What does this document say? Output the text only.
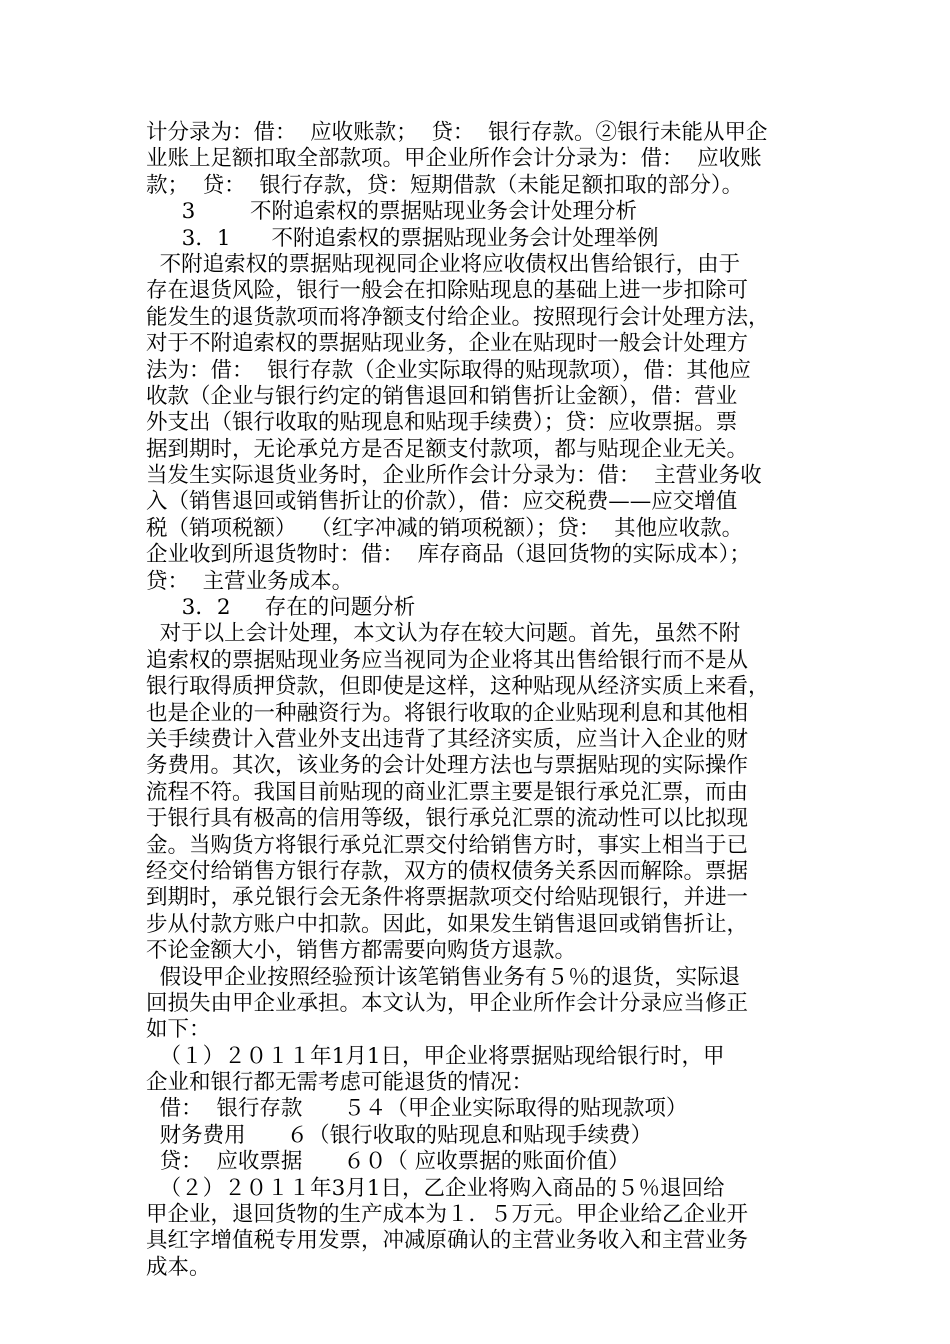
计分录为：借：  应收账款；  贷：  银行存款。②银行未能从甲企
业账上足额扣取全部款项。甲企业所作会计分录为：借：  应收账
款；  贷：  银行存款，贷：短期借款（未能足额扣取的部分）。
3        不附追索权的票据贴现业务会计处理分析
3．1      不附追索权的票据贴现业务会计处理举例
不附追索权的票据贴现视同企业将应收债权出售给银行，由于
存在退货风险，银行一般会在扣除贴现息的基础上进一步扣除可
能发生的退货款项而将净额支付给企业。按照现行会计处理方法，
对于不附追索权的票据贴现业务，企业在贴现时一般会计处理方
法为：借：  银行存款（企业实际取得的贴现款项），借：其他应
收款（企业与银行约定的销售退回和销售折让金额），借：营业
外支出（银行收取的贴现息和贴现手续费）；贷：应收票据。票
据到期时，无论承兑方是否足额支付款项，都与贴现企业无关。
当发生实际退货业务时，企业所作会计分录为：借：  主营业务收
入（销售退回或销售折让的价款），借：应交税费——应交增值
税（销项税额）  （红字冲减的销项税额）；贷：  其他应收款。
企业收到所退货物时：借：  库存商品（退回货物的实际成本）；
贷：  主营业务成本。
3．2     存在的问题分析
对于以上会计处理，本文认为存在较大问题。首先，虽然不附
追索权的票据贴现业务应当视同为企业将其出售给银行而不是从
银行取得质押贷款，但即使是这样，这种贴现从经济实质上来看，
也是企业的一种融资行为。将银行收取的企业贴现利息和其他相
关手续费计入营业外支出违背了其经济实质，应当计入企业的财
务费用。其次，该业务的会计处理方法也与票据贴现的实际操作
流程不符。我国目前贴现的商业汇票主要是银行承兑汇票，而由
于银行具有极高的信用等级，银行承兑汇票的流动性可以比拟现
金。当购货方将银行承兑汇票交付给销售方时，事实上相当于已
经交付给销售方银行存款，双方的债权债务关系因而解除。票据
到期时，承兑银行会无条件将票据款项交付给贴现银行，并进一
步从付款方账户中扣款。因此，如果发生销售退回或销售折让，
不论金额大小，销售方都需要向购货方退款。
假设甲企业按照经验预计该笔销售业务有５％的退货，实际退
回损失由甲企业承担。本文认为，甲企业所作会计分录应当修正
如下：
（１）２０１１年1月1日，甲企业将票据贴现给银行时，甲
企业和银行都无需考虑可能退货的情况：
借：  银行存款      ５４（甲企业实际取得的贴现款项）
财务费用      ６（银行收取的贴现息和贴现手续费）
贷：  应收票据      ６０（ 应收票据的账面价值）
（２）２０１１年3月1日，乙企业将购入商品的５％退回给
甲企业，退回货物的生产成本为１．５万元。甲企业给乙企业开
具红字增值税专用发票，冲减原确认的主营业务收入和主营业务
成本。
